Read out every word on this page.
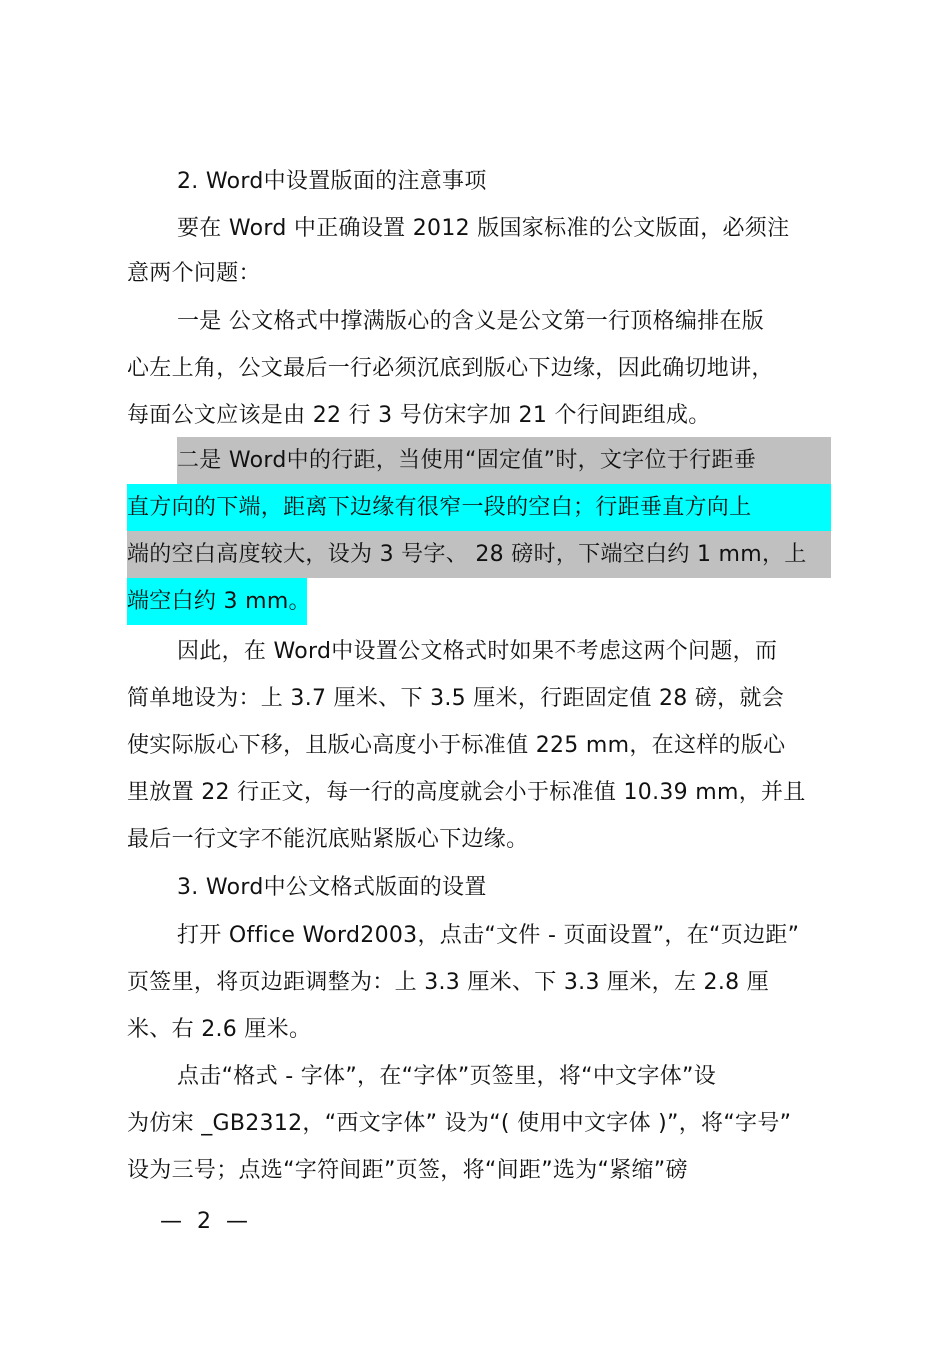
2. Word中设置版面的注意事项
要在 Word 中正确设置 2012 版国家标准的公文版面，必须注
意两个问题：
一是 公文格式中撑满版心的含义是公文第一行顶格编排在版
心左上角，公文最后一行必须沉底到版心下边缘，因此确切地讲，
每面公文应该是由 22 行 3 号仿宋字加 21 个行间距组成。
二是 Word中的行距，当使用“固定值”时，文字位于行距垂
直方向的下端，距离下边缘有很窄一段的空白；行距垂直方向上
端的空白高度较大，设为 3 号字、 28 磅时，下端空白约 1 mm，上
端空白约 3 mm。
因此，在 Word中设置公文格式时如果不考虑这两个问题，而
简单地设为：上 3.7 厘米、下 3.5 厘米，行距固定值 28 磅，就会
使实际版心下移，且版心高度小于标准值 225 mm，在这样的版心
里放置 22 行正文，每一行的高度就会小于标准值 10.39 mm，并且
最后一行文字不能沉底贴紧版心下边缘。
3. Word中公文格式版面的设置
打开 Office Word2003，点击“文件 - 页面设置”，在“页边距”
页签里，将页边距调整为：上 3.3 厘米、下 3.3 厘米，左 2.8 厘
米、右 2.6 厘米。
点击“格式 - 字体”，在“字体”页签里，将“中文字体”设
为仿宋 _GB2312，“西文字体” 设为“( 使用中文字体 )”，将“字号”
设为三号；点选“字符间距”页签，将“间距”选为“紧缩”磅
— 2 —
